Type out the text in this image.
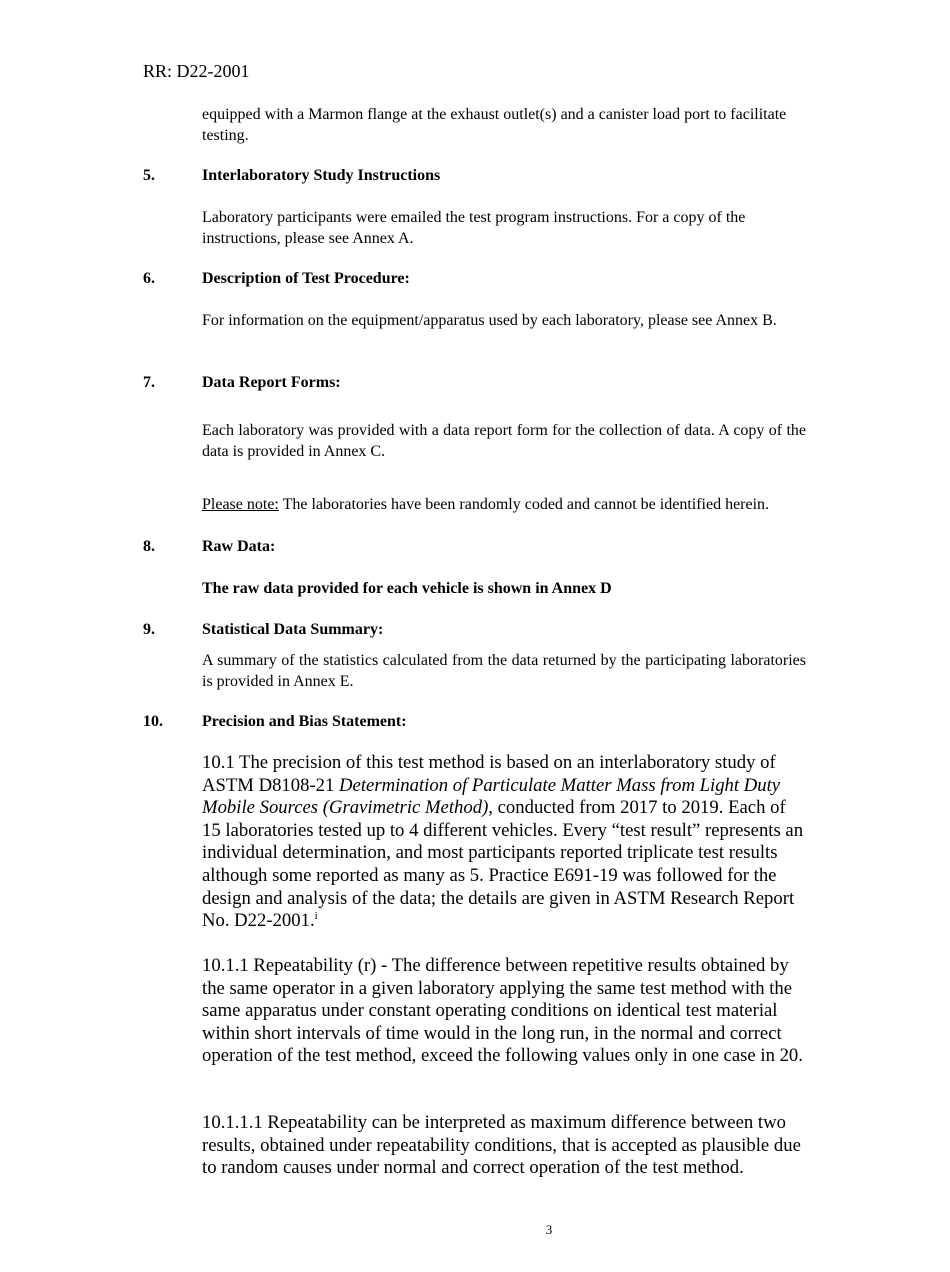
RR: D22-2001
equipped with a Marmon flange at the exhaust outlet(s) and a canister load port to facilitate testing.
5.	Interlaboratory Study Instructions
Laboratory participants were emailed the test program instructions. For a copy of the instructions, please see Annex A.
6.	Description of Test Procedure:
For information on the equipment/apparatus used by each laboratory, please see Annex B.
7.	Data Report Forms:
Each laboratory was provided with a data report form for the collection of data. A copy of the data is provided in Annex C.
Please note: The laboratories have been randomly coded and cannot be identified herein.
8.	Raw Data:
The raw data provided for each vehicle is shown in Annex D
9.	Statistical Data Summary:
A summary of the statistics calculated from the data returned by the participating laboratories is provided in Annex E.
10. Precision and Bias Statement:
10.1 The precision of this test method is based on an interlaboratory study of ASTM D8108-21 Determination of Particulate Matter Mass from Light Duty Mobile Sources (Gravimetric Method), conducted from 2017 to 2019. Each of 15 laboratories tested up to 4 different vehicles. Every “test result” represents an individual determination, and most participants reported triplicate test results although some reported as many as 5. Practice E691-19 was followed for the design and analysis of the data; the details are given in ASTM Research Report No. D22-2001.$^i$
10.1.1 Repeatability (r) - The difference between repetitive results obtained by the same operator in a given laboratory applying the same test method with the same apparatus under constant operating conditions on identical test material within short intervals of time would in the long run, in the normal and correct operation of the test method, exceed the following values only in one case in 20.
10.1.1.1 Repeatability can be interpreted as maximum difference between two results, obtained under repeatability conditions, that is accepted as plausible due to random causes under normal and correct operation of the test method.
3
